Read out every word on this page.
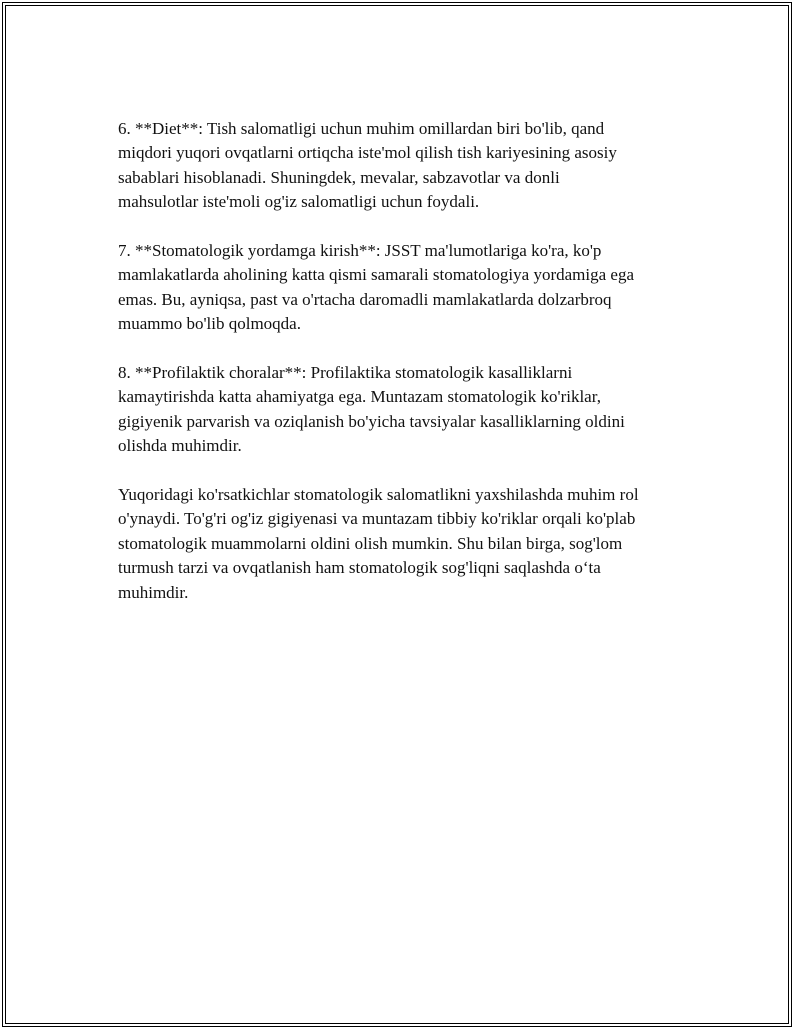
6. **Diet**: Tish salomatligi uchun muhim omillardan biri bo'lib, qand
miqdori yuqori ovqatlarni ortiqcha iste'mol qilish tish kariyesining asosiy
sabablari hisoblanadi. Shuningdek, mevalar, sabzavotlar va donli
mahsulotlar iste'moli og'iz salomatligi uchun foydali.

7. **Stomatologik yordamga kirish**: JSST ma'lumotlariga ko'ra, ko'p
mamlakatlarda aholining katta qismi samarali stomatologiya yordamiga ega
emas. Bu, ayniqsa, past va o'rtacha daromadli mamlakatlarda dolzarbroq
muammo bo'lib qolmoqda.

8. **Profilaktik choralar**: Profilaktika stomatologik kasalliklarni
kamaytirishda katta ahamiyatga ega. Muntazam stomatologik ko'riklar,
gigiyenik parvarish va oziqlanish bo'yicha tavsiyalar kasalliklarning oldini
olishda muhimdir.

Yuqoridagi ko'rsatkichlar stomatologik salomatlikni yaxshilashda muhim rol
o'ynaydi. To'g'ri og'iz gigiyenasi va muntazam tibbiy ko'riklar orqali ko'plab
stomatologik muammolarni oldini olish mumkin. Shu bilan birga, sog'lom
turmush tarzi va ovqatlanish ham stomatologik sog'liqni saqlashda o‘ta
muhimdir.
